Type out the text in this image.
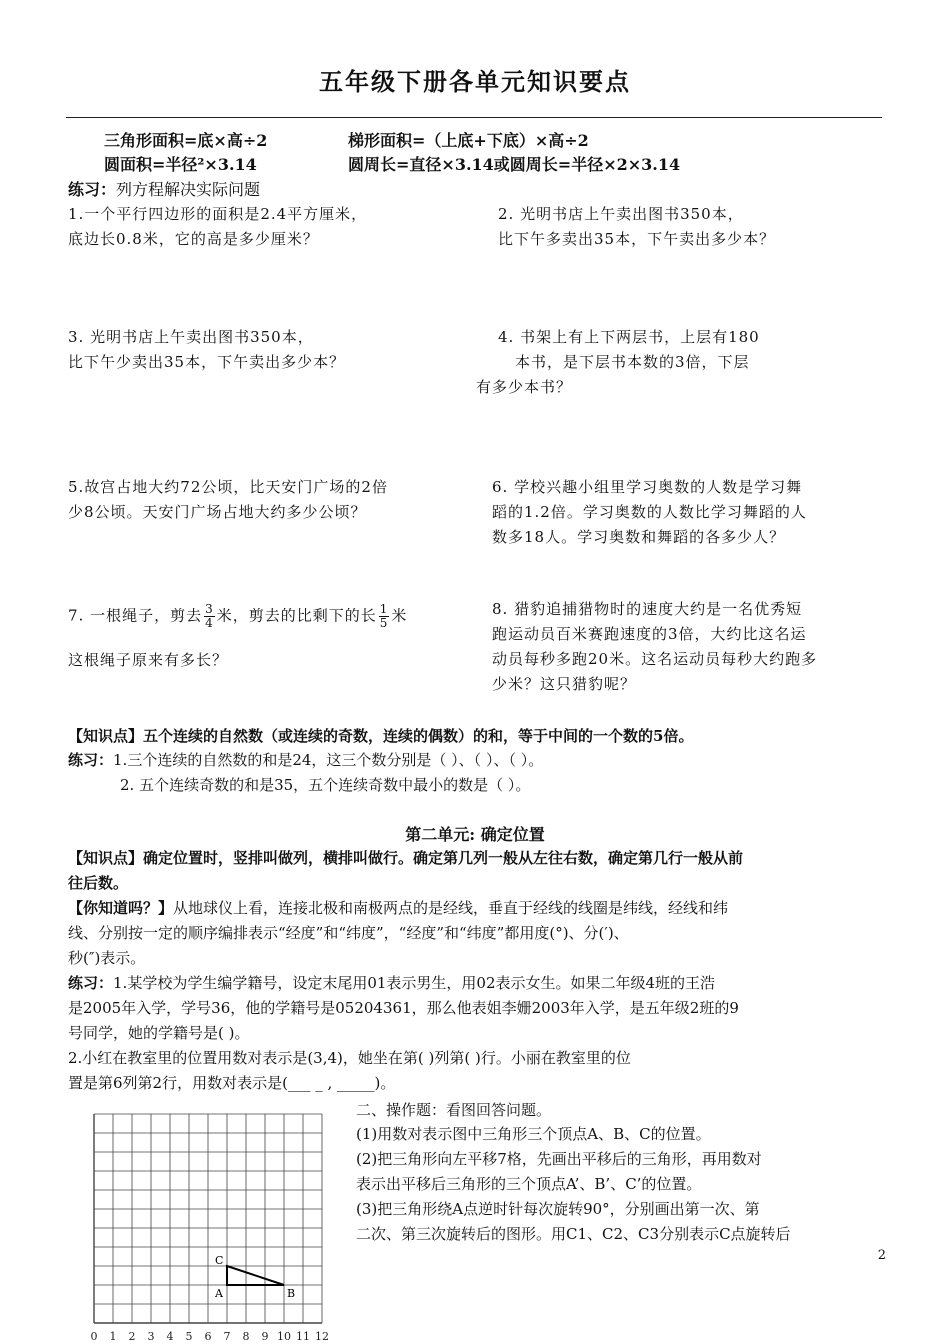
五年级下册各单元知识要点
三角形面积=底×高÷2	梯形面积=（上底+下底）×高÷2
圆面积=半径²×3.14	圆周长=直径×3.14或圆周长=半径×2×3.14
练习：列方程解决实际问题
1.一个平行四边形的面积是2.4平方厘米，
底边长0.8米，它的高是多少厘米？
2. 光明书店上午卖出图书350本，
比下午多卖出35本，下午卖出多少本？
3. 光明书店上午卖出图书350本，
比下午少卖出35本，下午卖出多少本？
4. 书架上有上下两层书，上层有180
本书，是下层书本数的3倍，下层
有多少本书？
5.故宫占地大约72公顷，比天安门广场的2倍
少8公顷。天安门广场占地大约多少公顷？
6. 学校兴趣小组里学习奥数的人数是学习舞
蹈的1.2倍。学习奥数的人数比学习舞蹈的人
数多18人。学习奥数和舞蹈的各多少人？
7. 一根绳子，剪去 $\frac{3}{4}$ 米，剪去的比剩下的长 $\frac{1}{5}$ 米
这根绳子原来有多长？
8. 猎豹追捕猎物时的速度大约是一名优秀短
跑运动员百米赛跑速度的3倍，大约比这名运
动员每秒多跑20米。这名运动员每秒大约跑多
少米？这只猎豹呢？
【知识点】五个连续的自然数（或连续的奇数，连续的偶数）的和，等于中间的一个数的5倍。
练习：1.三个连续的自然数的和是24，这三个数分别是（ ）、（ ）、（ ）。
2. 五个连续奇数的和是35，五个连续奇数中最小的数是（ ）。
第二单元: 确定位置
【知识点】确定位置时，竖排叫做列，横排叫做行。确定第几列一般从左往右数，确定第几行一般从前
往后数。
【你知道吗？】从地球仪上看，连接北极和南极两点的是经线，垂直于经线的线圈是纬线，经线和纬
线、分别按一定的顺序编排表示“经度”和“纬度”，“经度”和“纬度”都用度(°)、分(′)、
秒(″)表示。
练习：1.某学校为学生编学籍号，设定末尾用01表示男生，用02表示女生。如果二年级4班的王浩
是2005年入学，学号36，他的学籍号是05204361，那么他表姐李姗2003年入学，是五年级2班的9
号同学，她的学籍号是( )。
2.小红在教室里的位置用数对表示是(3,4)，她坐在第( )列第( )行。小丽在教室里的位
置是第6列第2行，用数对表示是(___ _ , _____)。
二、操作题：看图回答问题。
(1)用数对表示图中三角形三个顶点A、B、C的位置。
(2)把三角形向左平移7格，先画出平移后的三角形，再用数对
表示出平移后三角形的三个顶点A’、B’、C’的位置。
(3)把三角形绕A点逆时针每次旋转90°，分别画出第一次、第
二次、第三次旋转后的图形。用C1、C2、C3分别表示C点旋转后
0 1 2 3 4 5 6 7 8 9 10 11 12
A	B
C	2
